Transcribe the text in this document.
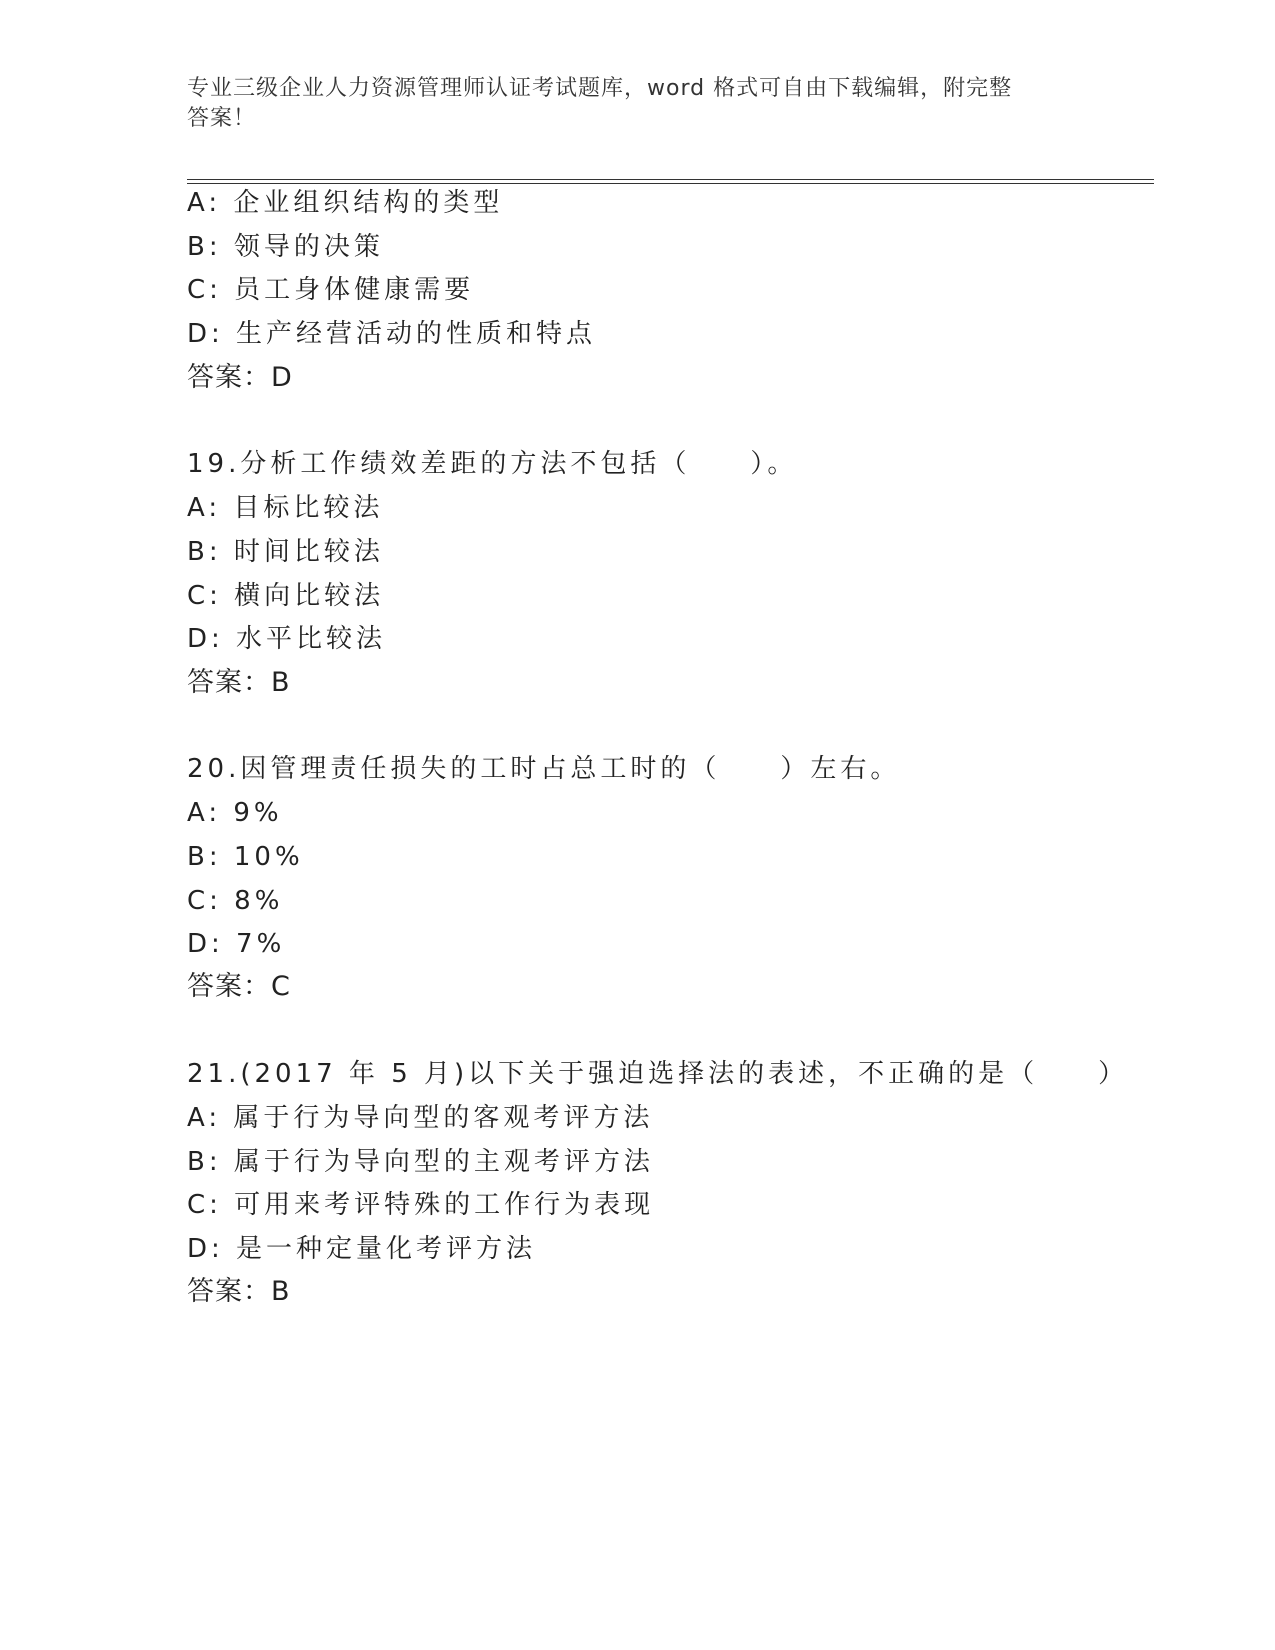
专业三级企业人力资源管理师认证考试题库，word 格式可自由下载编辑，附完整
答案！
A: 企业组织结构的类型
B: 领导的决策
C: 员工身体健康需要
D: 生产经营活动的性质和特点
答案：D
19.分析工作绩效差距的方法不包括（　　）。
A: 目标比较法
B: 时间比较法
C: 横向比较法
D: 水平比较法
答案：B
20.因管理责任损失的工时占总工时的（　　）左右。
A: 9%
B: 10%
C: 8%
D: 7%
答案：C
21.(2017 年 5 月)以下关于强迫选择法的表述，不正确的是（　　）
A: 属于行为导向型的客观考评方法
B: 属于行为导向型的主观考评方法
C: 可用来考评特殊的工作行为表现
D: 是一种定量化考评方法
答案：B
